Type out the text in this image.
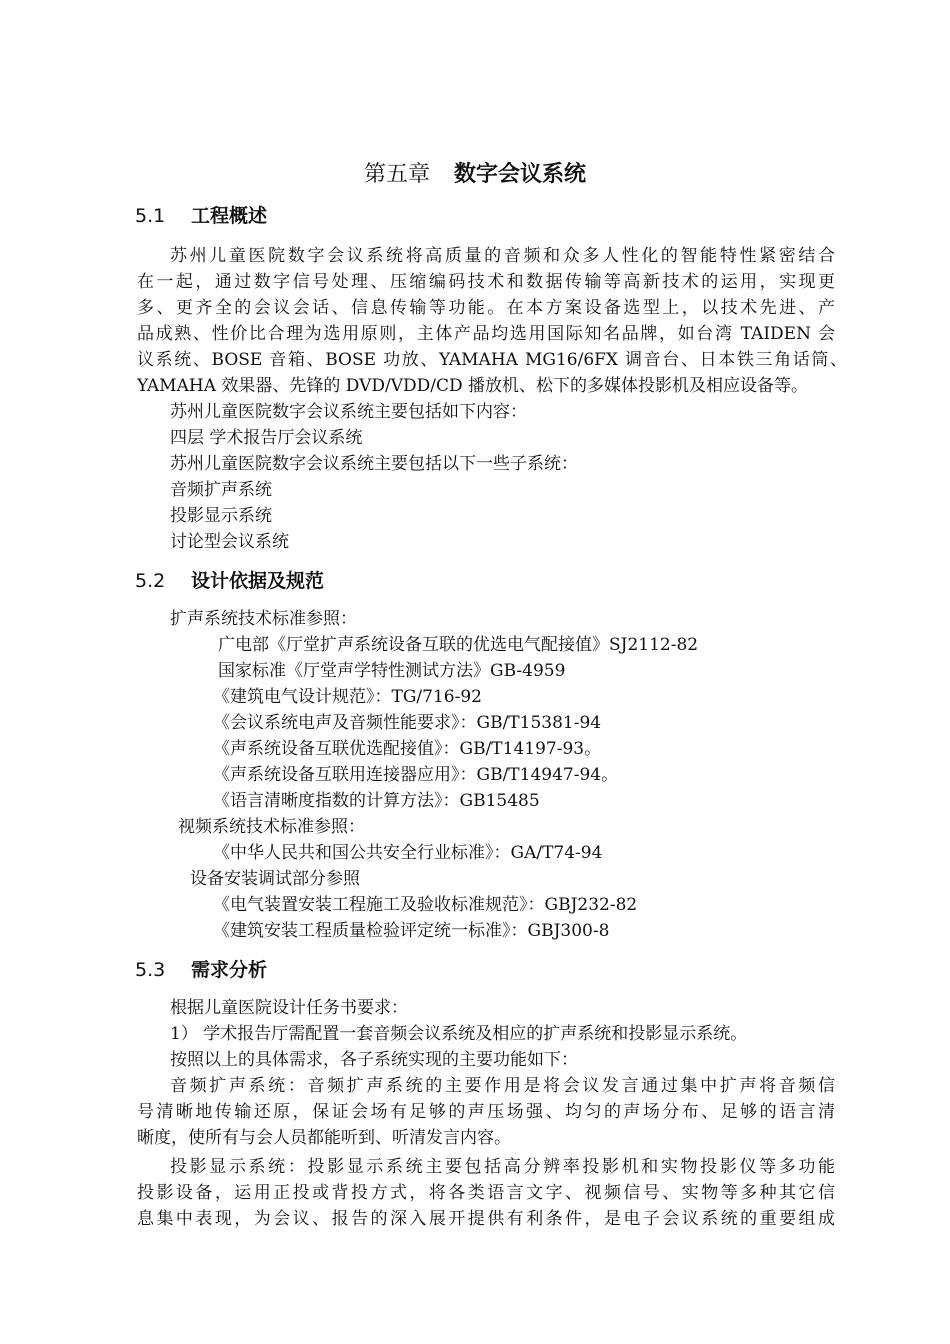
第五章 数字会议系统
5.1 工程概述
苏州儿童医院数字会议系统将高质量的音频和众多人性化的智能特性紧密结合
在一起，通过数字信号处理、压缩编码技术和数据传输等高新技术的运用，实现更
多、更齐全的会议会话、信息传输等功能。在本方案设备选型上，以技术先进、产
品成熟、性价比合理为选用原则，主体产品均选用国际知名品牌，如台湾 TAIDEN 会
议系统、BOSE 音箱、BOSE 功放、YAMAHA MG16/6FX 调音台、日本铁三角话筒、
YAMAHA 效果器、先锋的 DVD/VDD/CD 播放机、松下的多媒体投影机及相应设备等。
苏州儿童医院数字会议系统主要包括如下内容：
四层 学术报告厅会议系统
苏州儿童医院数字会议系统主要包括以下一些子系统：
音频扩声系统
投影显示系统
讨论型会议系统
5.2 设计依据及规范
扩声系统技术标准参照：
广电部《厅堂扩声系统设备互联的优选电气配接值》SJ2112-82
国家标准《厅堂声学特性测试方法》GB-4959
《建筑电气设计规范》：TG/716-92
《会议系统电声及音频性能要求》：GB/T15381-94
《声系统设备互联优选配接值》：GB/T14197-93。
《声系统设备互联用连接器应用》：GB/T14947-94。
《语言清晰度指数的计算方法》：GB15485
视频系统技术标准参照：
《中华人民共和国公共安全行业标准》：GA/T74-94
设备安装调试部分参照
《电气装置安装工程施工及验收标准规范》：GBJ232-82
《建筑安装工程质量检验评定统一标准》：GBJ300-8
5.3 需求分析
根据儿童医院设计任务书要求：
1） 学术报告厅需配置一套音频会议系统及相应的扩声系统和投影显示系统。
按照以上的具体需求，各子系统实现的主要功能如下：
音频扩声系统：音频扩声系统的主要作用是将会议发言通过集中扩声将音频信
号清晰地传输还原，保证会场有足够的声压场强、均匀的声场分布、足够的语言清
晰度，使所有与会人员都能听到、听清发言内容。
投影显示系统：投影显示系统主要包括高分辨率投影机和实物投影仪等多功能
投影设备，运用正投或背投方式，将各类语言文字、视频信号、实物等多种其它信
息集中表现，为会议、报告的深入展开提供有利条件，是电子会议系统的重要组成
